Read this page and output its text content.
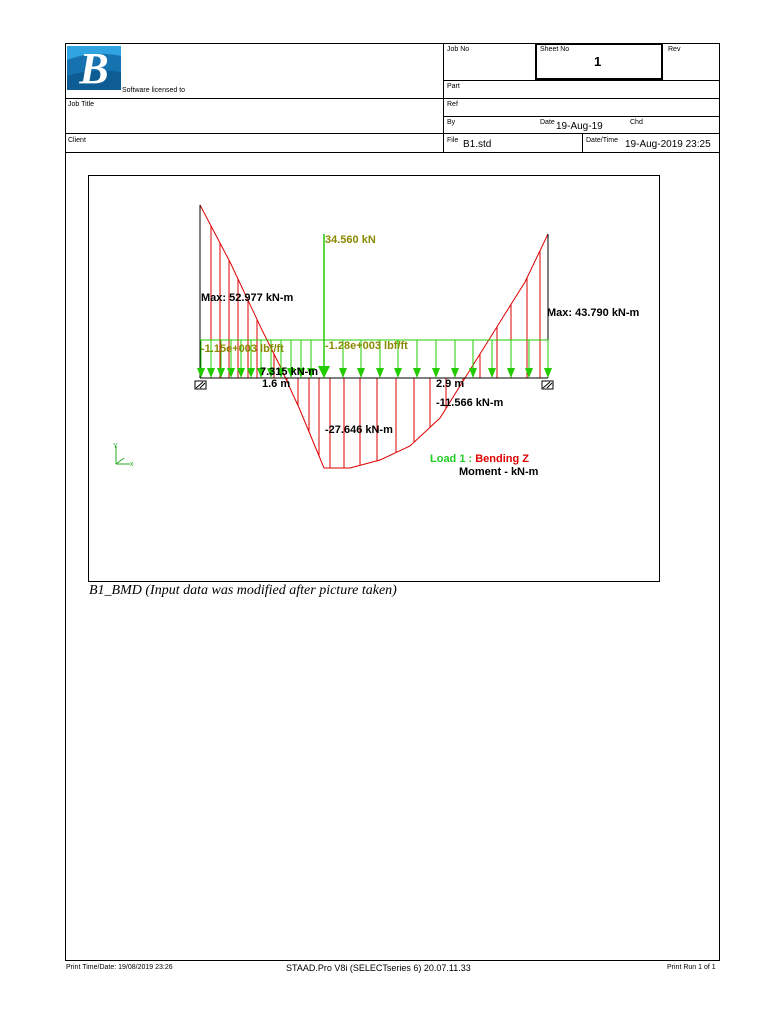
B Software licensed to
Job No	Sheet No
1
Rev
Part
Job Title	Ref
By	Date 19-Aug-19	Chd
Client	File B1.std	Date/Time 19-Aug-2019 23:25
Y
x
34.560 kN
Max: 52.977 kN-m
Max: 43.790 kN-m
-1.15e+003 lbf/ft	-1.28e+003 lbf/ft
7.315 kN-m
1.6 m	2.9 m
-11.566 kN-m
-27.646 kN-m
Load 1 : Bending Z
Moment - kN-m
B1_BMD (Input data was modified after picture taken)
Print Time/Date: 19/08/2019 23:26	STAAD.Pro V8i (SELECTseries 6) 20.07.11.33	Print Run 1 of 1
